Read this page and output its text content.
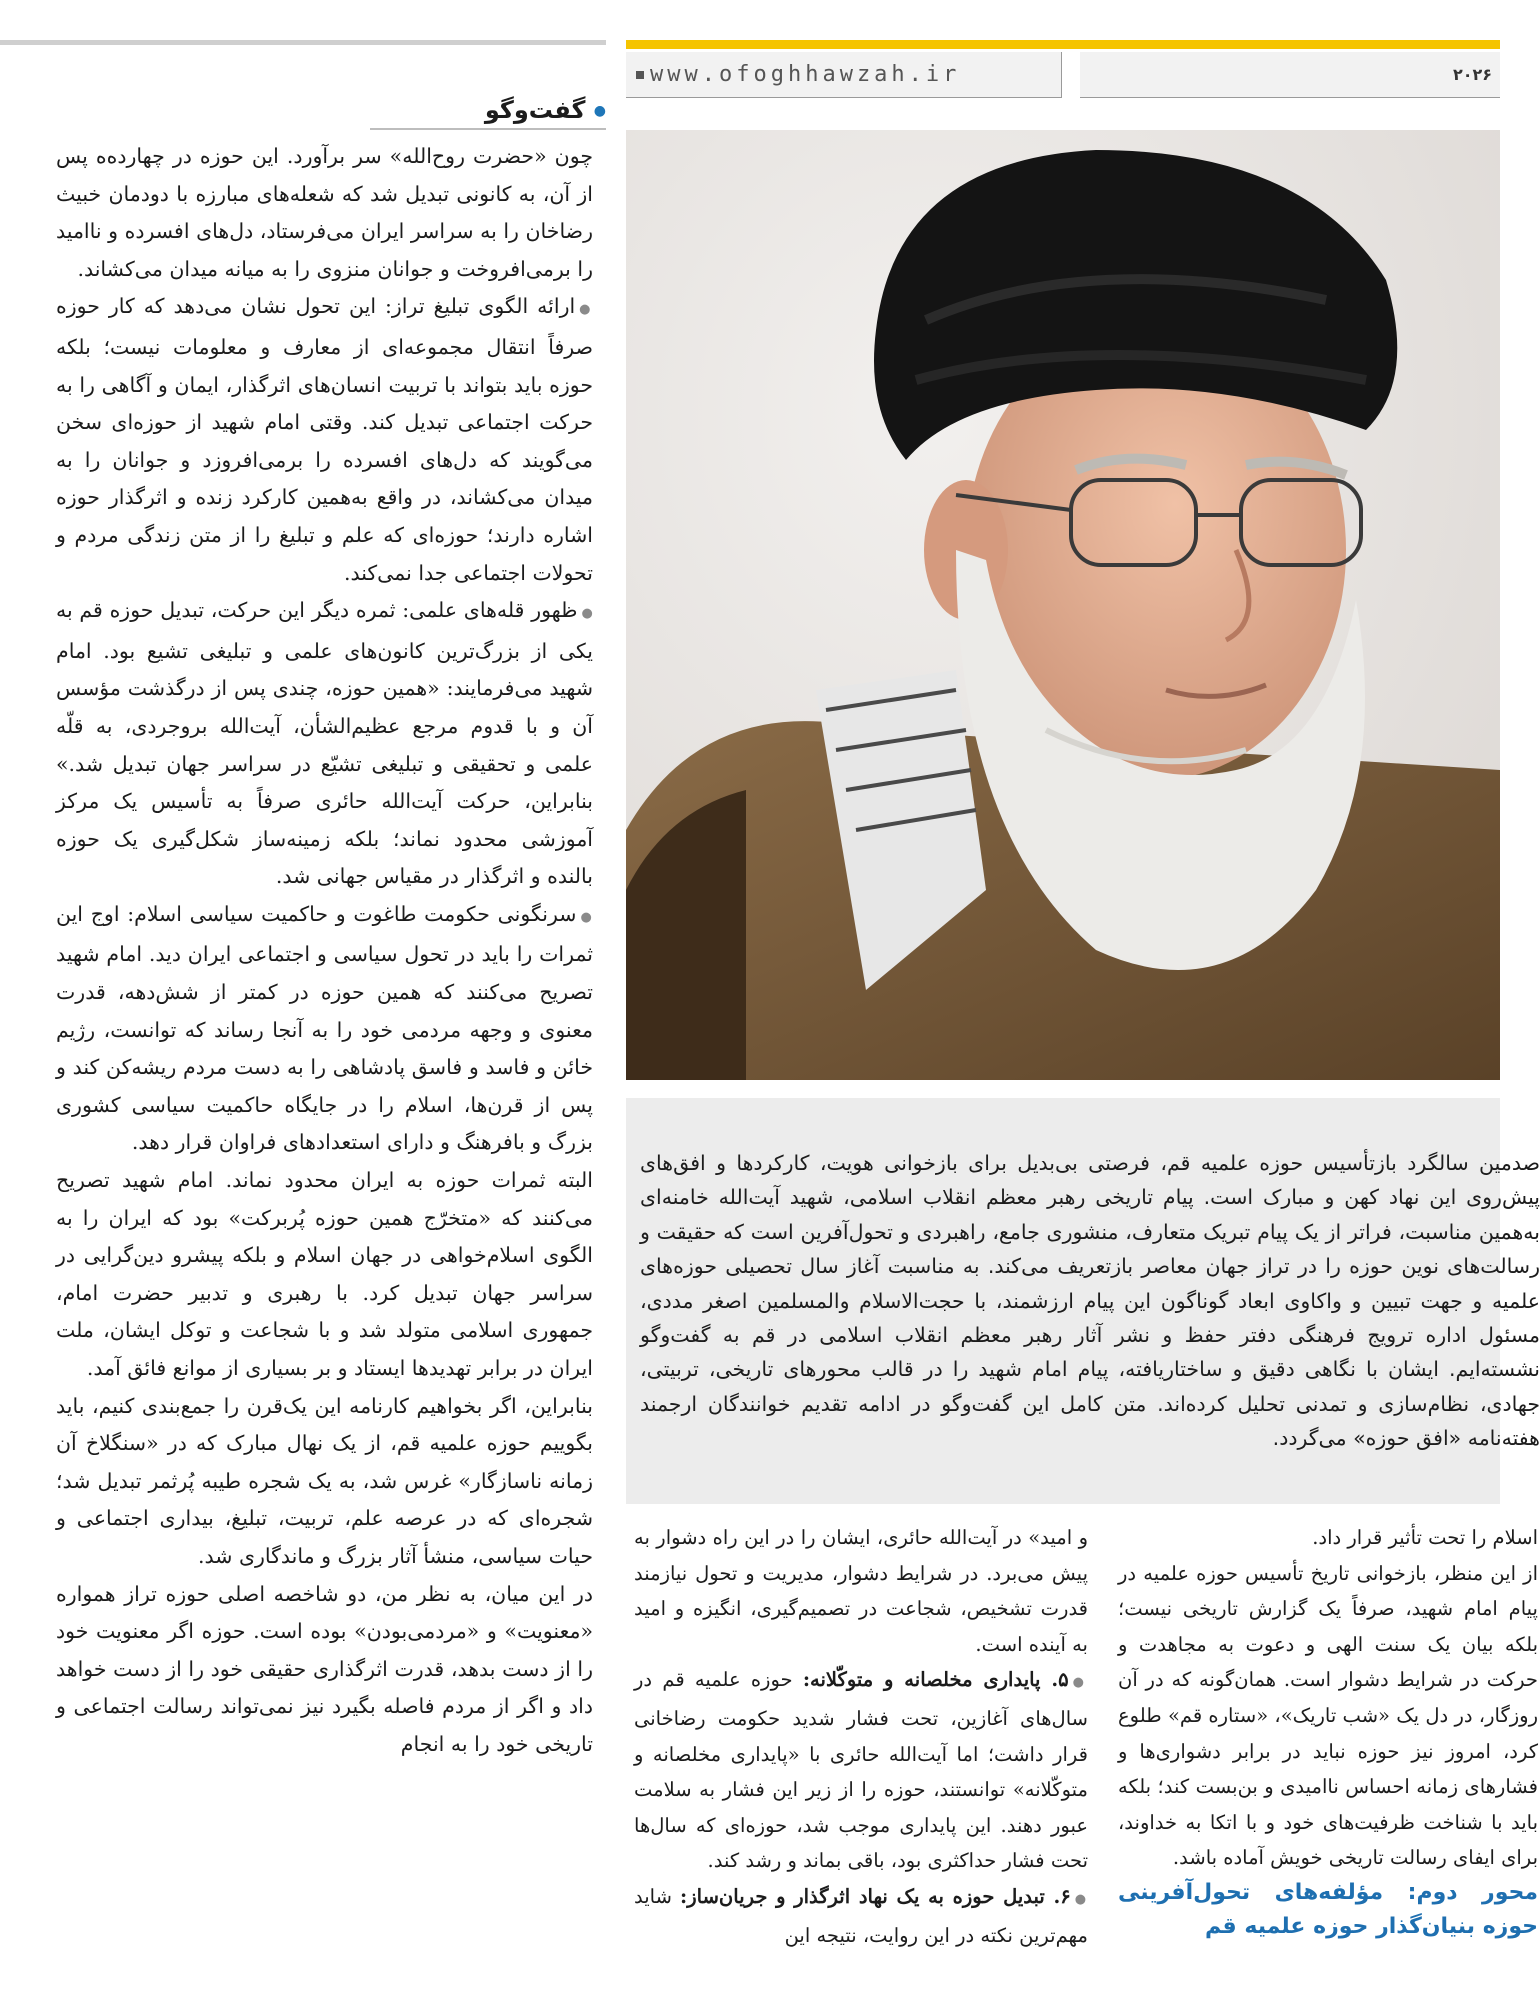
● گفت‌وگو

چون «حضرت روح‌الله» سر برآورد. این حوزه در چهارده‌ه پس از آن، به کانونی تبدیل شد که شعله‌های مبارزه با دودمان خبیث رضاخان را به سراسر ایران می‌فرستاد، دل‌های افسرده و ناامید را برمی‌افروخت و جوانان منزوی را به میانه میدان می‌کشاند.

●ارائه الگوی تبلیغ تراز: این تحول نشان می‌دهد که کار حوزه صرفاً انتقال مجموعه‌ای از معارف و معلومات نیست؛ بلکه حوزه باید بتواند با تربیت انسان‌های اثرگذار، ایمان و آگاهی را به حرکت اجتماعی تبدیل کند. وقتی امام شهید از حوزه‌ای سخن می‌گویند که دل‌های افسرده را برمی‌افروزد و جوانان را به میدان می‌کشاند، در واقع به‌همین کارکرد زنده و اثرگذار حوزه اشاره دارند؛ حوزه‌ای که علم و تبلیغ را از متن زندگی مردم و تحولات اجتماعی جدا نمی‌کند.

●ظهور قله‌های علمی: ثمره دیگر این حرکت، تبدیل حوزه قم به یکی از بزرگ‌ترین کانون‌های علمی و تبلیغی تشیع بود. امام شهید می‌فرمایند: «همین حوزه، چندی پس از درگذشت مؤسس آن و با قدوم مرجع عظیم‌الشأن، آیت‌الله بروجردی، به قلّه علمی و تحقیقی و تبلیغی تشیّع در سراسر جهان تبدیل شد.» بنابراین، حرکت آیت‌الله حائری صرفاً به تأسیس یک مرکز آموزشی محدود نماند؛ بلکه زمینه‌ساز شکل‌گیری یک حوزه بالنده و اثرگذار در مقیاس جهانی شد.

●سرنگونی حکومت طاغوت و حاکمیت سیاسی اسلام: اوج این ثمرات را باید در تحول سیاسی و اجتماعی ایران دید. امام شهید تصریح می‌کنند که همین حوزه در کمتر از شش‌دهه، قدرت معنوی و وجهه مردمی خود را به آنجا رساند که توانست، رژیم خائن و فاسد و فاسق پادشاهی را به دست مردم ریشه‌کن کند و پس از قرن‌ها، اسلام را در جایگاه حاکمیت سیاسی کشوری بزرگ و بافرهنگ و دارای استعدادهای فراوان قرار دهد.

البته ثمرات حوزه به ایران محدود نماند. امام شهید تصریح می‌کنند که «متخرّج همین حوزه پُربرکت» بود که ایران را به الگوی اسلام‌خواهی در جهان اسلام و بلکه پیشرو دین‌گرایی در سراسر جهان تبدیل کرد. با رهبری و تدبیر حضرت امام، جمهوری اسلامی متولد شد و با شجاعت و توکل ایشان، ملت ایران در برابر تهدیدها ایستاد و بر بسیاری از موانع فائق آمد.

بنابراین، اگر بخواهیم کارنامه این یک‌قرن را جمع‌بندی کنیم، باید بگوییم حوزه علمیه قم، از یک نهال مبارک که در «سنگلاخ آن زمانه ناسازگار» غرس شد، به یک شجره طیبه پُرثمر تبدیل شد؛ شجره‌ای که در عرصه علم، تربیت، تبلیغ، بیداری اجتماعی و حیات سیاسی، منشأ آثار بزرگ و ماندگاری شد.

در این میان، به نظر من، دو شاخصه اصلی حوزه تراز همواره «معنویت» و «مردمی‌بودن» بوده است. حوزه اگر معنویت خود را از دست بدهد، قدرت اثرگذاری حقیقی خود را از دست خواهد داد و اگر از مردم فاصله بگیرد نیز نمی‌تواند رسالت اجتماعی و تاریخی خود را به انجام

www.ofoghhawzah.ir	۲۰۲۶
صدمین سالگرد بازتأسیس حوزه علمیه قم، فرصتی بی‌بدیل برای بازخوانی هویت، کارکردها و افق‌های پیش‌روی این نهاد کهن و مبارک است. پیام تاریخی رهبر معظم انقلاب اسلامی، شهید آیت‌الله خامنه‌ای به‌همین مناسبت، فراتر از یک پیام تبریک متعارف، منشوری جامع، راهبردی و تحول‌آفرین است که حقیقت و رسالت‌های نوین حوزه را در تراز جهان معاصر بازتعریف می‌کند. به مناسبت آغاز سال تحصیلی حوزه‌های علمیه و جهت تبیین و واکاوی ابعاد گوناگون این پیام ارزشمند، با حجت‌الاسلام والمسلمین اصغر مددی، مسئول اداره ترویج فرهنگی دفتر حفظ و نشر آثار رهبر معظم انقلاب اسلامی در قم به گفت‌وگو نشسته‌ایم. ایشان با نگاهی دقیق و ساختاریافته، پیام امام شهید را در قالب محورهای تاریخی، تربیتی، جهادی، نظام‌سازی و تمدنی تحلیل کرده‌اند. متن کامل این گفت‌وگو در ادامه تقدیم خوانندگان ارجمند هفته‌نامه «افق حوزه» می‌گردد.

و امید» در آیت‌الله حائری، ایشان را در این راه دشوار به پیش می‌برد. در شرایط دشوار، مدیریت و تحول نیازمند قدرت تشخیص، شجاعت در تصمیم‌گیری، انگیزه و امید به آینده است.

●۵. پایداری مخلصانه و متوکّلانه: حوزه علمیه قم در سال‌های آغازین، تحت فشار شدید حکومت رضاخانی قرار داشت؛ اما آیت‌الله حائری با «پایداری مخلصانه و متوکّلانه» توانستند، حوزه را از زیر این فشار به سلامت عبور دهند. این پایداری موجب شد، حوزه‌ای که سال‌ها تحت فشار حداکثری بود، باقی بماند و رشد کند.

●۶. تبدیل حوزه به یک نهاد اثرگذار و جریان‌ساز: شاید مهم‌ترین نکته در این روایت، نتیجه این

اسلام را تحت تأثیر قرار داد.

از این منظر، بازخوانی تاریخ تأسیس حوزه علمیه در پیام امام شهید، صرفاً یک گزارش تاریخی نیست؛ بلکه بیان یک سنت الهی و دعوت به مجاهدت و حرکت در شرایط دشوار است. همان‌گونه که در آن روزگار، در دل یک «شب تاریک»، «ستاره قم» طلوع کرد، امروز نیز حوزه نباید در برابر دشواری‌ها و فشارهای زمانه احساس ناامیدی و بن‌بست کند؛ بلکه باید با شناخت ظرفیت‌های خود و با اتکا به خداوند، برای ایفای رسالت تاریخی خویش آماده باشد.

محور دوم: مؤلفه‌های تحول‌آفرینی حوزه بنیان‌گذار حوزه علمیه قم
